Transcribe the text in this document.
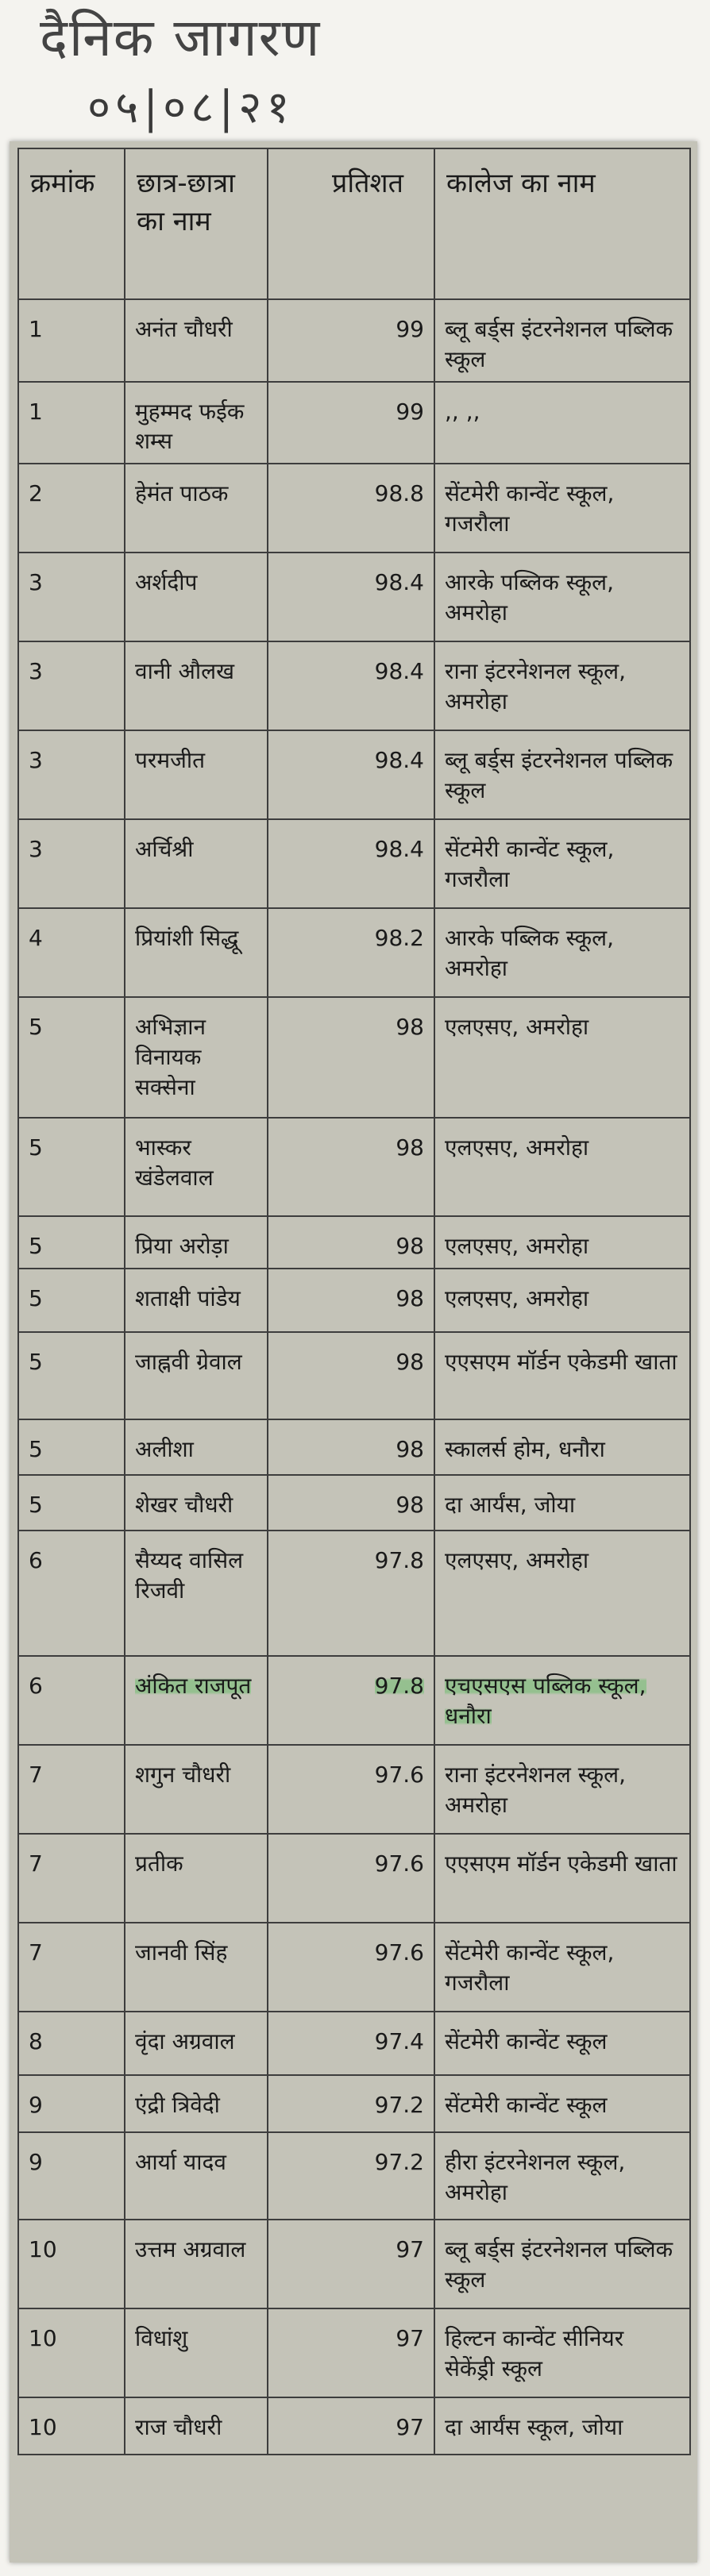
दैनिक जागरण
०५|०८|२१
क्रमांक	छात्र-छात्रा का नाम	प्रतिशत	कालेज का नाम
1	अनंत चौधरी	99	ब्लू बर्ड्स इंटरनेशनल पब्लिक स्कूल
1	मुहम्मद फईक शम्स	99	,, ,,
2	हेमंत पाठक	98.8	सेंटमेरी कान्वेंट स्कूल, गजरौला
3	अर्शदीप	98.4	आरके पब्लिक स्कूल, अमरोहा
3	वानी औलख	98.4	राना इंटरनेशनल स्कूल, अमरोहा
3	परमजीत	98.4	ब्लू बर्ड्स इंटरनेशनल पब्लिक स्कूल
3	अर्चिश्री	98.4	सेंटमेरी कान्वेंट स्कूल, गजरौला
4	प्रियांशी सिद्धू	98.2	आरके पब्लिक स्कूल, अमरोहा
5	अभिज्ञान विनायक सक्सेना	98	एलएसए, अमरोहा
5	भास्कर खंडेलवाल	98	एलएसए, अमरोहा
5	प्रिया अरोड़ा	98	एलएसए, अमरोहा
5	शताक्षी पांडेय	98	एलएसए, अमरोहा
5	जाह्नवी ग्रेवाल	98	एएसएम मॉर्डन एकेडमी खाता
5	अलीशा	98	स्कालर्स होम, धनौरा
5	शेखर चौधरी	98	दा आर्यंस, जोया
6	सैय्यद वासिल रिजवी	97.8	एलएसए, अमरोहा
6	अंकित राजपूत	97.8	एचएसएस पब्लिक स्कूल, धनौरा
7	शगुन चौधरी	97.6	राना इंटरनेशनल स्कूल, अमरोहा
7	प्रतीक	97.6	एएसएम मॉर्डन एकेडमी खाता
7	जानवी सिंह	97.6	सेंटमेरी कान्वेंट स्कूल, गजरौला
8	वृंदा अग्रवाल	97.4	सेंटमेरी कान्वेंट स्कूल
9	एंद्री त्रिवेदी	97.2	सेंटमेरी कान्वेंट स्कूल
9	आर्या यादव	97.2	हीरा इंटरनेशनल स्कूल, अमरोहा
10	उत्तम अग्रवाल	97	ब्लू बर्ड्स इंटरनेशनल पब्लिक स्कूल
10	विधांशु	97	हिल्टन कान्वेंट सीनियर सेकेंड्री स्कूल
10	राज चौधरी	97	दा आर्यंस स्कूल, जोया
